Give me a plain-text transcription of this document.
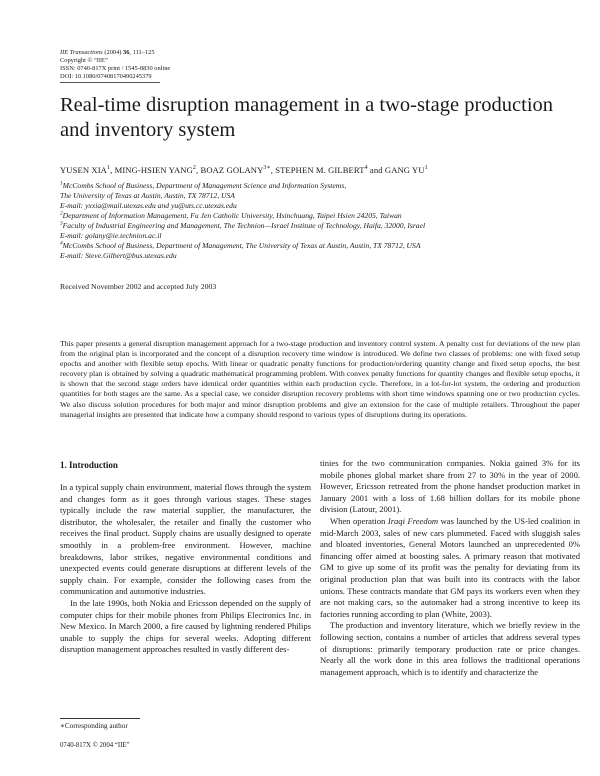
IIE Transactions (2004) 36, 111–125
Copyright © “IIE”
ISSN: 0740-817X print / 1545-8830 online
DOI: 10.1080/07408170490245379
Real-time disruption management in a two-stage production and inventory system
YUSEN XIA$^1$, MING-HSIEN YANG$^2$, BOAZ $GOLANY^{3∗}$, STEPHEN M. GILBERT$^4$ and GANG $YU^1$
$^1$McCombs School of Business, Department of Management Science and Information Systems,
The University of Texas at Austin, Austin, TX 78712, USA
E-mail: yxxia@mail.utexas.edu and yu@uts.cc.utexas.edu
$^2$Department of Information Management, Fu Jen Catholic University, Hsinchuang, Taipei Hsien 24205, Taiwan
$^3$Faculty of Industrial Engineering and Management, The Technion—Israel Institute of Technology, Haifa, 32000, Israel
E-mail: golany@ie.technion.ac.il
$^4$McCombs School of Business, Department of Management, The University of Texas at Austin, Austin, TX 78712, USA
E-mail: Steve.Gilbert@bus.utexas.edu
Received November 2002 and accepted July 2003

This paper presents a general disruption management approach for a two-stage production and inventory control system. A penalty cost for deviations of the new plan from the original plan is incorporated and the concept of a disruption recovery time window is introduced. We define two classes of problems: one with fixed setup epochs and another with flexible setup epochs. With linear or quadratic penalty functions for production/ordering quantity change and fixed setup epochs, the best recovery plan is obtained by solving a quadratic mathematical programming problem. With convex penalty functions for quantity changes and flexible setup epochs, it is shown that the second stage orders have identical order quantities within each production cycle. Therefore, in a lot-for-lot system, the ordering and production quantities for both stages are the same. As a special case, we consider disruption recovery problems with short time windows spanning one or two production cycles. We also discuss solution procedures for both major and minor disruption problems and give an extension for the case of multiple retailers. Throughout the paper managerial insights are presented that indicate how a company should respond to various types of disruptions during its operations.

1. Introduction

In a typical supply chain environment, material flows through the system and changes form as it goes through various stages. These stages typically include the raw material supplier, the manufacturer, the distributor, the wholesaler, the retailer and finally the customer who receives the final product. Supply chains are usually designed to operate smoothly in a problem-free environment. However, machine breakdowns, labor strikes, negative environmental conditions and unexpected events could generate disruptions at different levels of the supply chain. For example, consider the following cases from the communication and automotive industries.

In the late 1990s, both Nokia and Ericsson depended on the supply of computer chips for their mobile phones from Philips Electronics Inc. in New Mexico. In March 2000, a fire caused by lightning rendered Philips unable to supply the chips for several weeks. Adopting different disruption management approaches resulted in vastly different des-

tinies for the two communication companies. Nokia gained 3% for its mobile phones global market share from 27 to 30% in the year of 2000. However, Ericsson retreated from the phone handset production market in January 2001 with a loss of 1.68 billion dollars for its mobile phone division (Latour, 2001).

When operation Iraqi Freedom was launched by the US-led coalition in mid-March 2003, sales of new cars plummeted. Faced with sluggish sales and bloated inventories, General Motors launched an unprecedented 0% financing offer aimed at boosting sales. A primary reason that motivated GM to give up some of its profit was the penalty for deviating from its original production plan that was built into its contracts with the labor unions. These contracts mandate that GM pays its workers even when they are not making cars, so the automaker had a strong incentive to keep its factories running according to plan (White, 2003).

The production and inventory literature, which we briefly review in the following section, contains a number of articles that address several types of disruptions: primarily temporary production rate or price changes. Nearly all the work done in this area follows the traditional operations management approach, which is to identify and characterize the

∗Corresponding author
0740-817X © 2004 “IIE”
